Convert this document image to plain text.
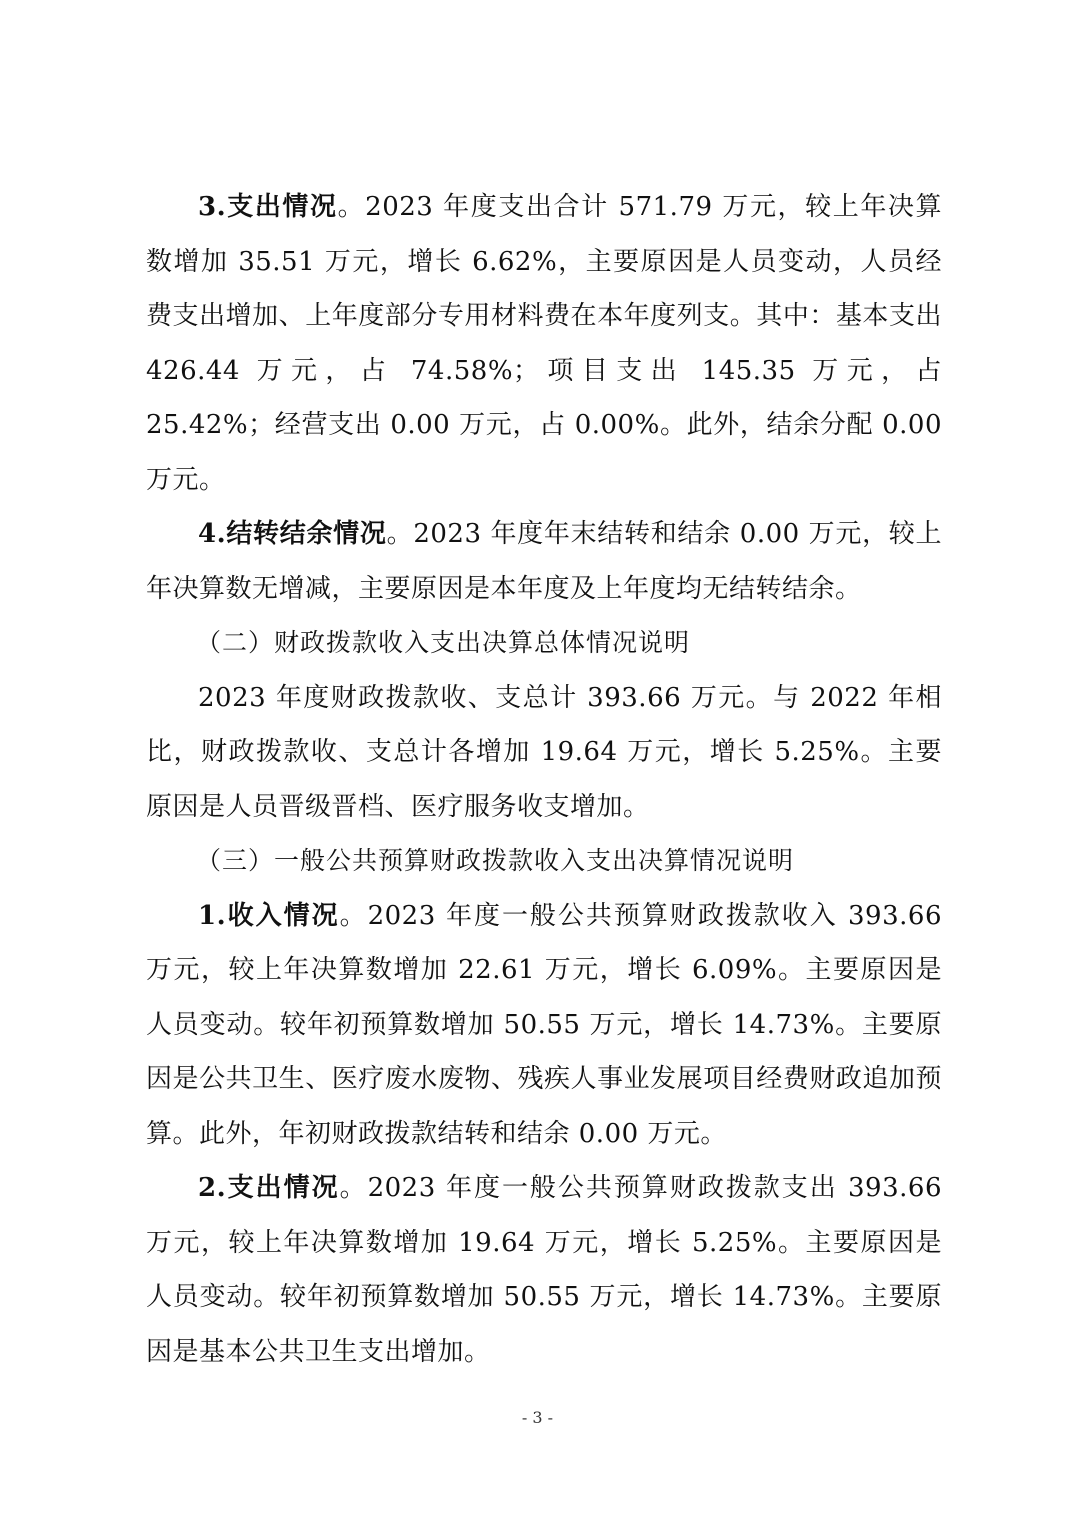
3.支出情况。2023 年度支出合计 571.79 万元，较上年决算数增加 35.51 万元，增长 6.62%，主要原因是人员变动，人员经费支出增加、上年度部分专用材料费在本年度列支。其中：基本支出 426.44 万元，占 74.58%；项目支出 145.35 万元，占 25.42%；经营支出 0.00 万元，占 0.00%。此外，结余分配 0.00 万元。

4.结转结余情况。2023 年度年末结转和结余 0.00 万元，较上年决算数无增减，主要原因是本年度及上年度均无结转结余。

（二）财政拨款收入支出决算总体情况说明

2023 年度财政拨款收、支总计 393.66 万元。与 2022 年相比，财政拨款收、支总计各增加 19.64 万元，增长 5.25%。主要原因是人员晋级晋档、医疗服务收支增加。

（三）一般公共预算财政拨款收入支出决算情况说明

1.收入情况。2023 年度一般公共预算财政拨款收入 393.66 万元，较上年决算数增加 22.61 万元，增长 6.09%。主要原因是人员变动。较年初预算数增加 50.55 万元，增长 14.73%。主要原因是公共卫生、医疗废水废物、残疾人事业发展项目经费财政追加预算。此外，年初财政拨款结转和结余 0.00 万元。

2.支出情况。2023 年度一般公共预算财政拨款支出 393.66 万元，较上年决算数增加 19.64 万元，增长 5.25%。主要原因是人员变动。较年初预算数增加 50.55 万元，增长 14.73%。主要原因是基本公共卫生支出增加。

- 3 -
